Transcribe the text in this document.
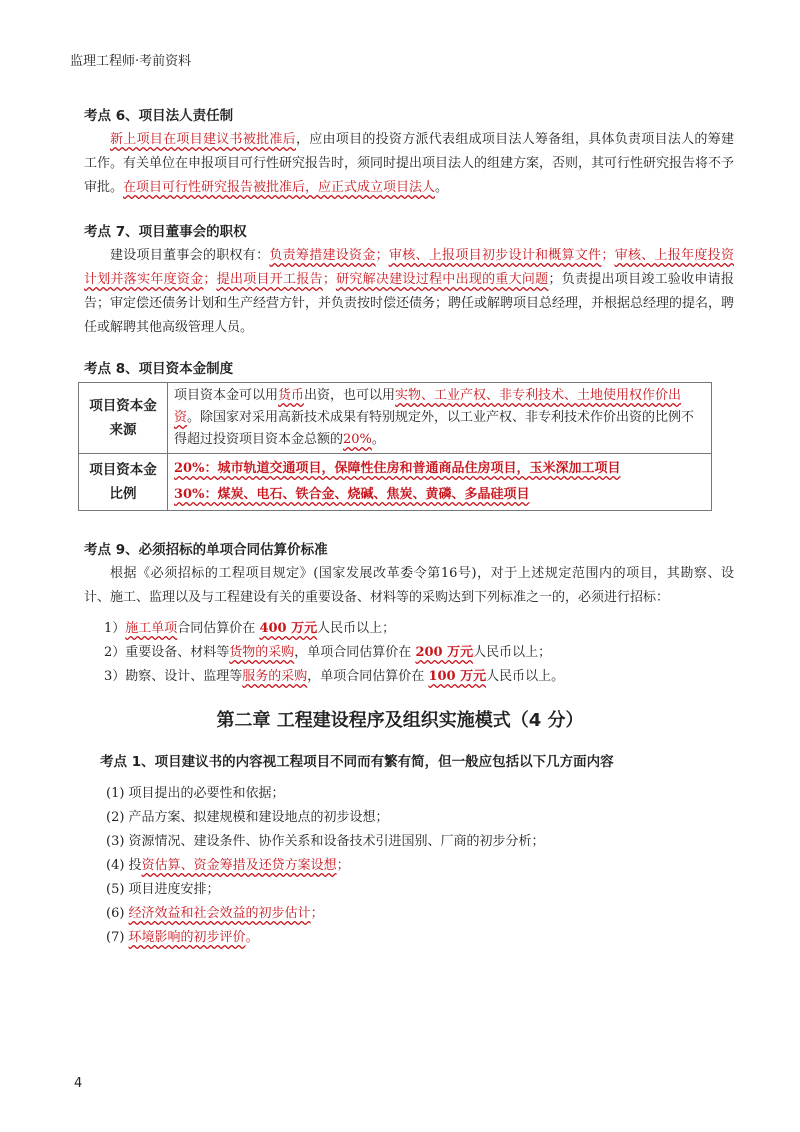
监理工程师·考前资料
考点 6、项目法人责任制
新上项目在项目建议书被批准后，应由项目的投资方派代表组成项目法人筹备组，具体负责项目法人的筹建工作。有关单位在申报项目可行性研究报告时，须同时提出项目法人的组建方案，否则，其可行性研究报告将不予审批。在项目可行性研究报告被批准后，应正式成立项目法人。
考点 7、项目董事会的职权
建设项目董事会的职权有：负责筹措建设资金；审核、上报项目初步设计和概算文件；审核、上报年度投资计划并落实年度资金；提出项目开工报告；研究解决建设过程中出现的重大问题；负责提出项目竣工验收申请报告；审定偿还债务计划和生产经营方针，并负责按时偿还债务；聘任或解聘项目总经理，并根据总经理的提名，聘任或解聘其他高级管理人员。
考点 8、项目资本金制度
项目资本金
来源	项目资本金可以用货币出资，也可以用实物、工业产权、非专利技术、土地使用权作价出资。除国家对采用高新技术成果有特别规定外，以工业产权、非专利技术作价出资的比例不得超过投资项目资本金总额的20%。
项目资本金
比例	20%：城市轨道交通项目，保障性住房和普通商品住房项目，玉米深加工项目
30%：煤炭、电石、铁合金、烧碱、焦炭、黄磷、多晶硅项目
考点 9、必须招标的单项合同估算价标准
根据《必须招标的工程项目规定》(国家发展改革委令第16号)，对于上述规定范围内的项目，其勘察、设计、施工、监理以及与工程建设有关的重要设备、材料等的采购达到下列标准之一的，必须进行招标：
1）施工单项合同估算价在 400 万元人民币以上；
2）重要设备、材料等货物的采购，单项合同估算价在 200 万元人民币以上；
3）勘察、设计、监理等服务的采购，单项合同估算价在 100 万元人民币以上。
第二章 工程建设程序及组织实施模式（4 分）
考点 1、项目建议书的内容视工程项目不同而有繁有简，但一般应包括以下几方面内容
(1) 项目提出的必要性和依据；
(2) 产品方案、拟建规模和建设地点的初步设想；
(3) 资源情况、建设条件、协作关系和设备技术引进国别、厂商的初步分析；
(4) 投资估算、资金筹措及还贷方案设想；
(5) 项目进度安排；
(6) 经济效益和社会效益的初步估计；
(7) 环境影响的初步评价。
4
